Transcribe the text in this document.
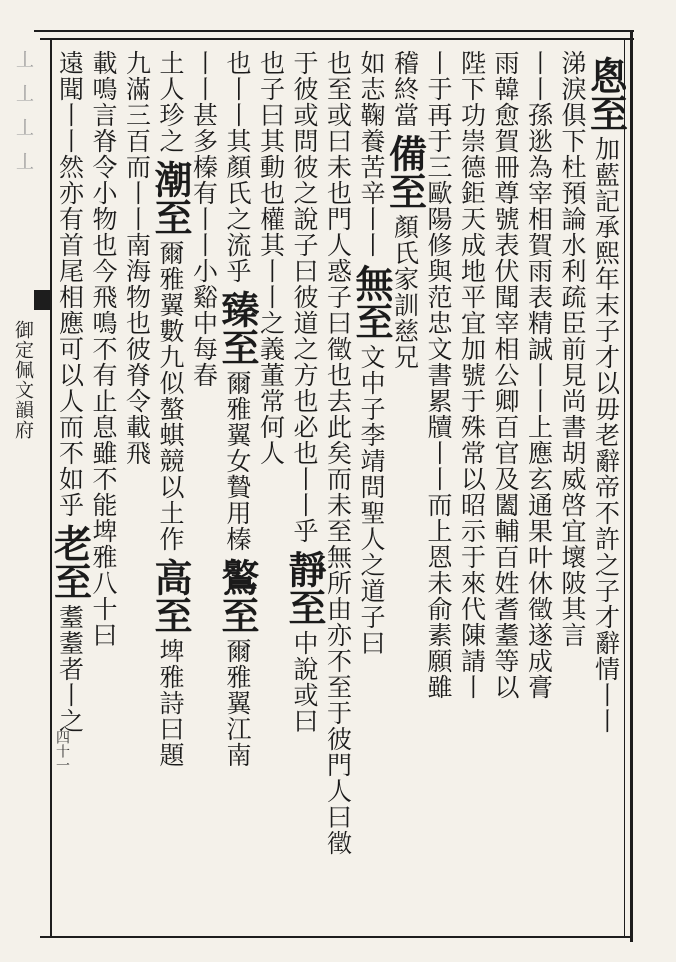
丄丄丄丄
御定佩文韻府
四十一
悤至加藍記承熙年末子才以毋老辭帝不許之子才辭情丨丨
涕淚俱下杜預論水利疏臣前見尚書胡威啓宜壞陂其言
丨丨孫逖為宰相賀雨表精誠丨丨上應玄通果叶休徵遂成膏
雨韓愈賀冊尊號表伏聞宰相公卿百官及闔輔百姓耆耋等以
陛下功崇德鉅天成地平宜加號于殊常以昭示于來代陳請丨
丨于再于三歐陽修與范忠文書累牘丨丨而上恩未俞素願雖
稽終當備至顏氏家訓慈兄
如志鞠養苦辛丨丨無至文中子李靖問聖人之道子曰
也至或曰未也門人惑子曰徵也去此矣而未至無所由亦不至于彼門人曰徵
于彼或問彼之說子曰彼道之方也必也丨丨乎靜至中說或曰
也子曰其動也權其丨丨之義董常何人
也丨丨其顏氏之流乎臻至爾雅翼女贄用榛鸄至爾雅翼江南
丨丨甚多榛有丨丨小谿中每春
土人珍之潮至爾雅翼數九似螯蜞競以土作高至埤雅詩曰題
九滿三百而丨丨南海物也彼脊令載飛
載鳴言脊令小物也今飛鳴不有止息雖不能埤雅八十曰
遠聞丨丨然亦有首尾相應可以人而不如乎老至耋耋者丨之
